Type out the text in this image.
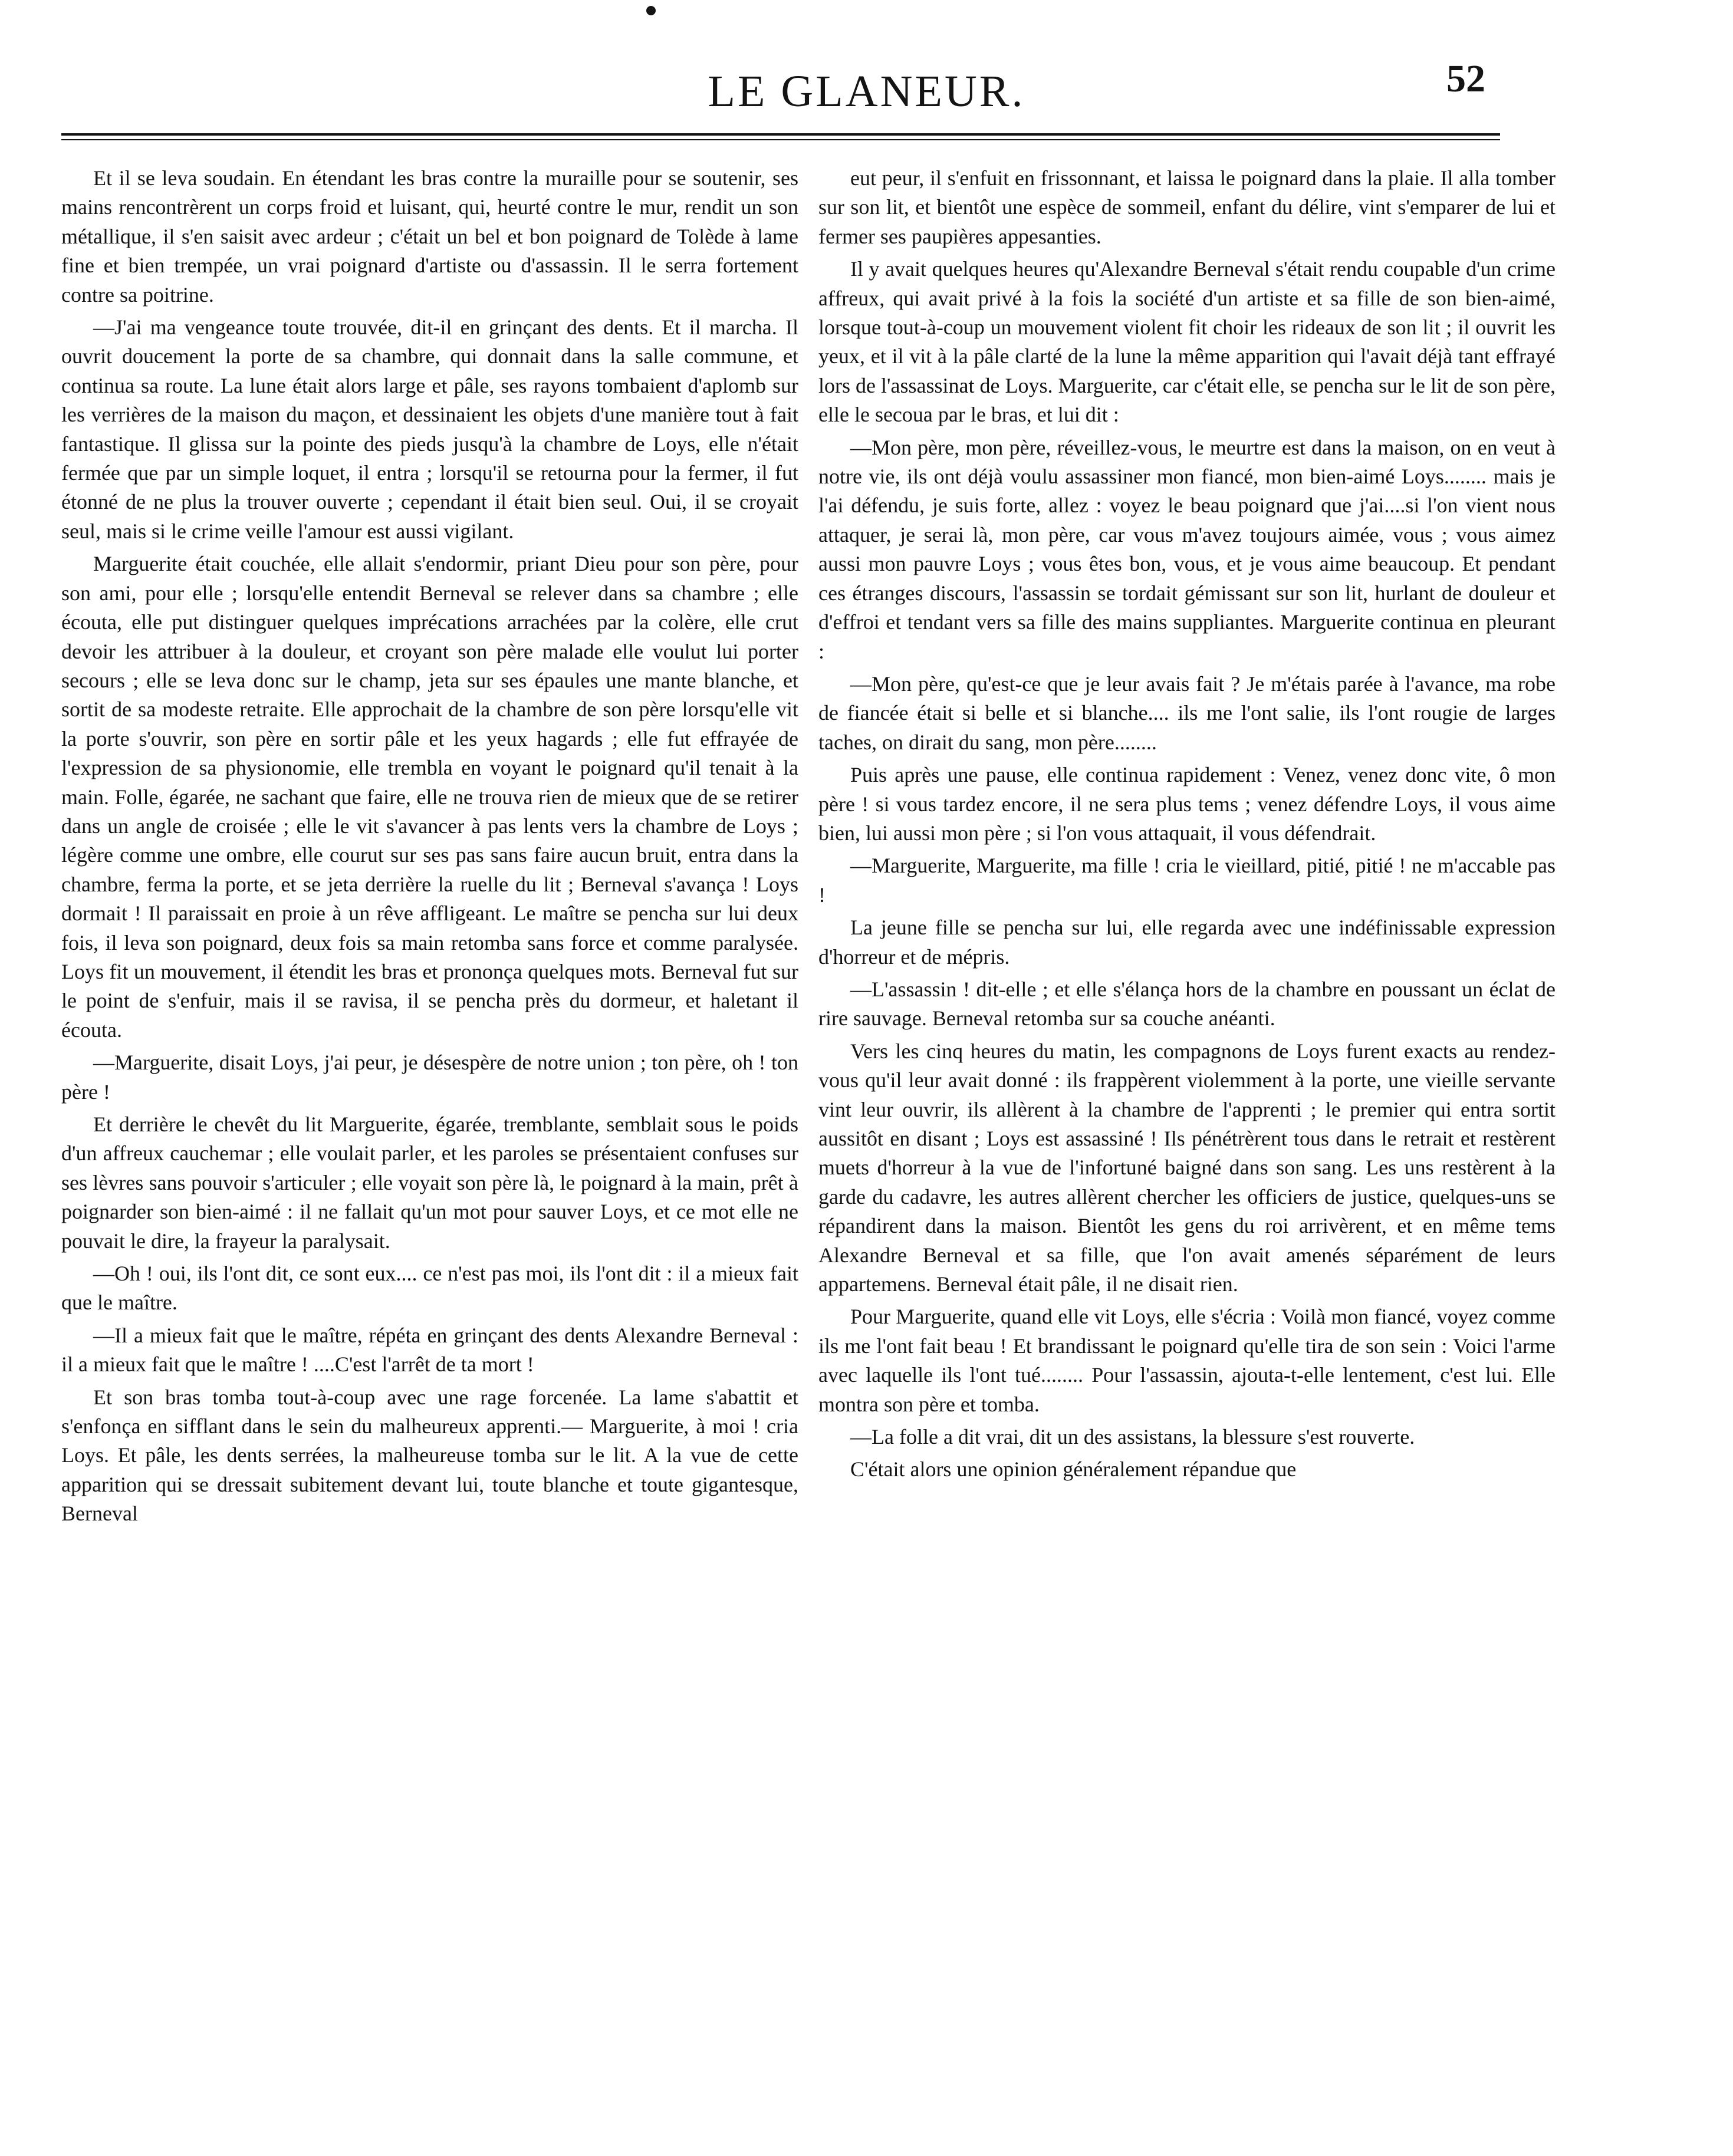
LE GLANEUR.	52

Et il se leva soudain. En étendant les bras contre la muraille pour se soutenir, ses mains rencontrèrent un corps froid et luisant, qui, heurté contre le mur, rendit un son métallique, il s'en saisit avec ardeur ; c'était un bel et bon poignard de Tolède à lame fine et bien trempée, un vrai poignard d'artiste ou d'assassin. Il le serra fortement contre sa poitrine.

—J'ai ma vengeance toute trouvée, dit-il en grinçant des dents. Et il marcha. Il ouvrit doucement la porte de sa chambre, qui donnait dans la salle commune, et continua sa route. La lune était alors large et pâle, ses rayons tombaient d'aplomb sur les verrières de la maison du maçon, et dessinaient les objets d'une manière tout à fait fantastique. Il glissa sur la pointe des pieds jusqu'à la chambre de Loys, elle n'était fermée que par un simple loquet, il entra ; lorsqu'il se retourna pour la fermer, il fut étonné de ne plus la trouver ouverte ; cependant il était bien seul. Oui, il se croyait seul, mais si le crime veille l'amour est aussi vigilant.

Marguerite était couchée, elle allait s'endormir, priant Dieu pour son père, pour son ami, pour elle ; lorsqu'elle entendit Berneval se relever dans sa chambre ; elle écouta, elle put distinguer quelques imprécations arrachées par la colère, elle crut devoir les attribuer à la douleur, et croyant son père malade elle voulut lui porter secours ; elle se leva donc sur le champ, jeta sur ses épaules une mante blanche, et sortit de sa modeste retraite. Elle approchait de la chambre de son père lorsqu'elle vit la porte s'ouvrir, son père en sortir pâle et les yeux hagards ; elle fut effrayée de l'expression de sa physionomie, elle trembla en voyant le poignard qu'il tenait à la main. Folle, égarée, ne sachant que faire, elle ne trouva rien de mieux que de se retirer dans un angle de croisée ; elle le vit s'avancer à pas lents vers la chambre de Loys ; légère comme une ombre, elle courut sur ses pas sans faire aucun bruit, entra dans la chambre, ferma la porte, et se jeta derrière la ruelle du lit ; Berneval s'avança ! Loys dormait ! Il paraissait en proie à un rêve affligeant. Le maître se pencha sur lui deux fois, il leva son poignard, deux fois sa main retomba sans force et comme paralysée. Loys fit un mouvement, il étendit les bras et prononça quelques mots. Berneval fut sur le point de s'enfuir, mais il se ravisa, il se pencha près du dormeur, et haletant il écouta.

—Marguerite, disait Loys, j'ai peur, je désespère de notre union ; ton père, oh ! ton père !

Et derrière le chevêt du lit Marguerite, égarée, tremblante, semblait sous le poids d'un affreux cauchemar ; elle voulait parler, et les paroles se présentaient confuses sur ses lèvres sans pouvoir s'articuler ; elle voyait son père là, le poignard à la main, prêt à poignarder son bien-aimé : il ne fallait qu'un mot pour sauver Loys, et ce mot elle ne pouvait le dire, la frayeur la paralysait.

—Oh ! oui, ils l'ont dit, ce sont eux.... ce n'est pas moi, ils l'ont dit : il a mieux fait que le maître.

—Il a mieux fait que le maître, répéta en grinçant des dents Alexandre Berneval : il a mieux fait que le maître ! ....C'est l'arrêt de ta mort !

Et son bras tomba tout-à-coup avec une rage forcenée. La lame s'abattit et s'enfonça en sifflant dans le sein du malheureux apprenti.— Marguerite, à moi ! cria Loys. Et pâle, les dents serrées, la malheureuse tomba sur le lit. A la vue de cette apparition qui se dressait subitement devant lui, toute blanche et toute gigantesque, Berneval

eut peur, il s'enfuit en frissonnant, et laissa le poignard dans la plaie. Il alla tomber sur son lit, et bientôt une espèce de sommeil, enfant du délire, vint s'emparer de lui et fermer ses paupières appesanties.

Il y avait quelques heures qu'Alexandre Berneval s'était rendu coupable d'un crime affreux, qui avait privé à la fois la société d'un artiste et sa fille de son bien-aimé, lorsque tout-à-coup un mouvement violent fit choir les rideaux de son lit ; il ouvrit les yeux, et il vit à la pâle clarté de la lune la même apparition qui l'avait déjà tant effrayé lors de l'assassinat de Loys. Marguerite, car c'était elle, se pencha sur le lit de son père, elle le secoua par le bras, et lui dit :

—Mon père, mon père, réveillez-vous, le meurtre est dans la maison, on en veut à notre vie, ils ont déjà voulu assassiner mon fiancé, mon bien-aimé Loys........ mais je l'ai défendu, je suis forte, allez : voyez le beau poignard que j'ai....si l'on vient nous attaquer, je serai là, mon père, car vous m'avez toujours aimée, vous ; vous aimez aussi mon pauvre Loys ; vous êtes bon, vous, et je vous aime beaucoup. Et pendant ces étranges discours, l'assassin se tordait gémissant sur son lit, hurlant de douleur et d'effroi et tendant vers sa fille des mains suppliantes. Marguerite continua en pleurant :

—Mon père, qu'est-ce que je leur avais fait ? Je m'étais parée à l'avance, ma robe de fiancée était si belle et si blanche.... ils me l'ont salie, ils l'ont rougie de larges taches, on dirait du sang, mon père........

Puis après une pause, elle continua rapidement : Venez, venez donc vite, ô mon père ! si vous tardez encore, il ne sera plus tems ; venez défendre Loys, il vous aime bien, lui aussi mon père ; si l'on vous attaquait, il vous défendrait.

—Marguerite, Marguerite, ma fille ! cria le vieillard, pitié, pitié ! ne m'accable pas !

La jeune fille se pencha sur lui, elle regarda avec une indéfinissable expression d'horreur et de mépris.

—L'assassin ! dit-elle ; et elle s'élança hors de la chambre en poussant un éclat de rire sauvage. Berneval retomba sur sa couche anéanti.

Vers les cinq heures du matin, les compagnons de Loys furent exacts au rendez-vous qu'il leur avait donné : ils frappèrent violemment à la porte, une vieille servante vint leur ouvrir, ils allèrent à la chambre de l'apprenti ; le premier qui entra sortit aussitôt en disant ; Loys est assassiné ! Ils pénétrèrent tous dans le retrait et restèrent muets d'horreur à la vue de l'infortuné baigné dans son sang. Les uns restèrent à la garde du cadavre, les autres allèrent chercher les officiers de justice, quelques-uns se répandirent dans la maison. Bientôt les gens du roi arrivèrent, et en même tems Alexandre Berneval et sa fille, que l'on avait amenés séparément de leurs appartemens. Berneval était pâle, il ne disait rien.

Pour Marguerite, quand elle vit Loys, elle s'écria : Voilà mon fiancé, voyez comme ils me l'ont fait beau ! Et brandissant le poignard qu'elle tira de son sein : Voici l'arme avec laquelle ils l'ont tué........ Pour l'assassin, ajouta-t-elle lentement, c'est lui. Elle montra son père et tomba.

—La folle a dit vrai, dit un des assistans, la blessure s'est rouverte.

C'était alors une opinion généralement répandue que
